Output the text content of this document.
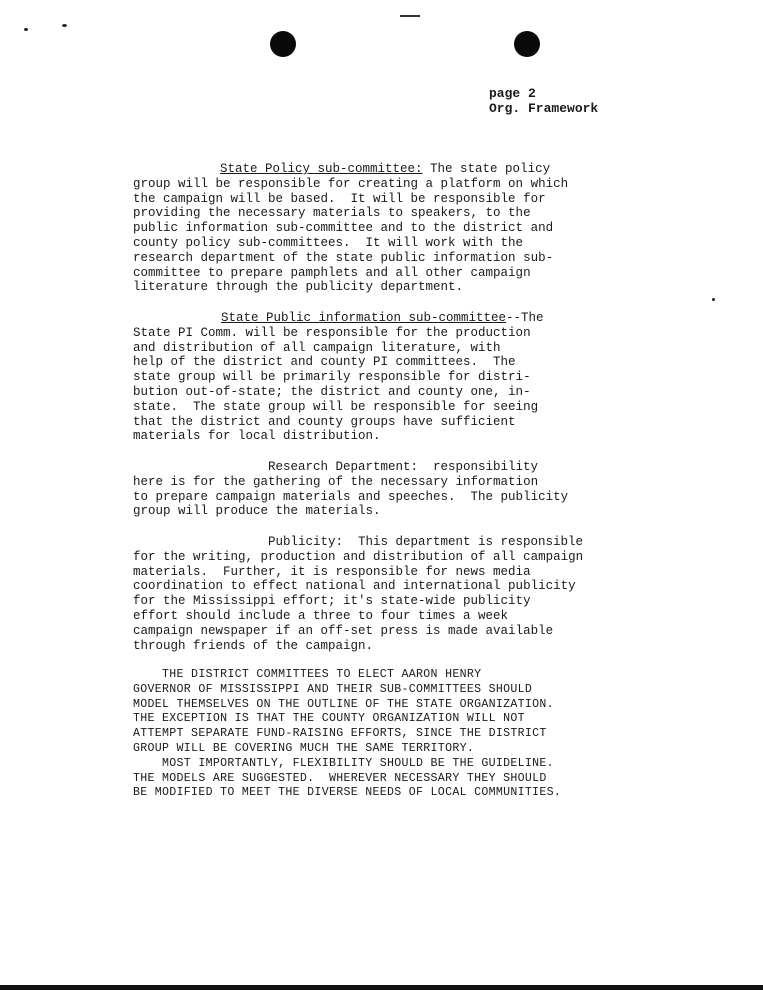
page 2
Org. Framework
State Policy sub-committee: The state policy
group will be responsible for creating a platform on which
the campaign will be based.  It will be responsible for
providing the necessary materials to speakers, to the
public information sub-committee and to the district and
county policy sub-committees.  It will work with the
research department of the state public information sub-
committee to prepare pamphlets and all other campaign
literature through the publicity department.
State Public information sub-committee--The
State PI Comm. will be responsible for the production
and distribution of all campaign literature, with
help of the district and county PI committees.  The
state group will be primarily responsible for distri-
bution out-of-state; the district and county one, in-
state.  The state group will be responsible for seeing
that the district and county groups have sufficient
materials for local distribution.
Research Department:  responsibility
here is for the gathering of the necessary information
to prepare campaign materials and speeches.  The publicity
group will produce the materials.
Publicity:  This department is responsible
for the writing, production and distribution of all campaign
materials.  Further, it is responsible for news media
coordination to effect national and international publicity
for the Mississippi effort; it's state-wide publicity
effort should include a three to four times a week
campaign newspaper if an off-set press is made available
through friends of the campaign.
THE DISTRICT COMMITTEES TO ELECT AARON HENRY
GOVERNOR OF MISSISSIPPI AND THEIR SUB-COMMITTEES SHOULD
MODEL THEMSELVES ON THE OUTLINE OF THE STATE ORGANIZATION.
THE EXCEPTION IS THAT THE COUNTY ORGANIZATION WILL NOT
ATTEMPT SEPARATE FUND-RAISING EFFORTS, SINCE THE DISTRICT
GROUP WILL BE COVERING MUCH THE SAME TERRITORY.
MOST IMPORTANTLY, FLEXIBILITY SHOULD BE THE GUIDELINE.
THE MODELS ARE SUGGESTED.  WHEREVER NECESSARY THEY SHOULD
BE MODIFIED TO MEET THE DIVERSE NEEDS OF LOCAL COMMUNITIES.
